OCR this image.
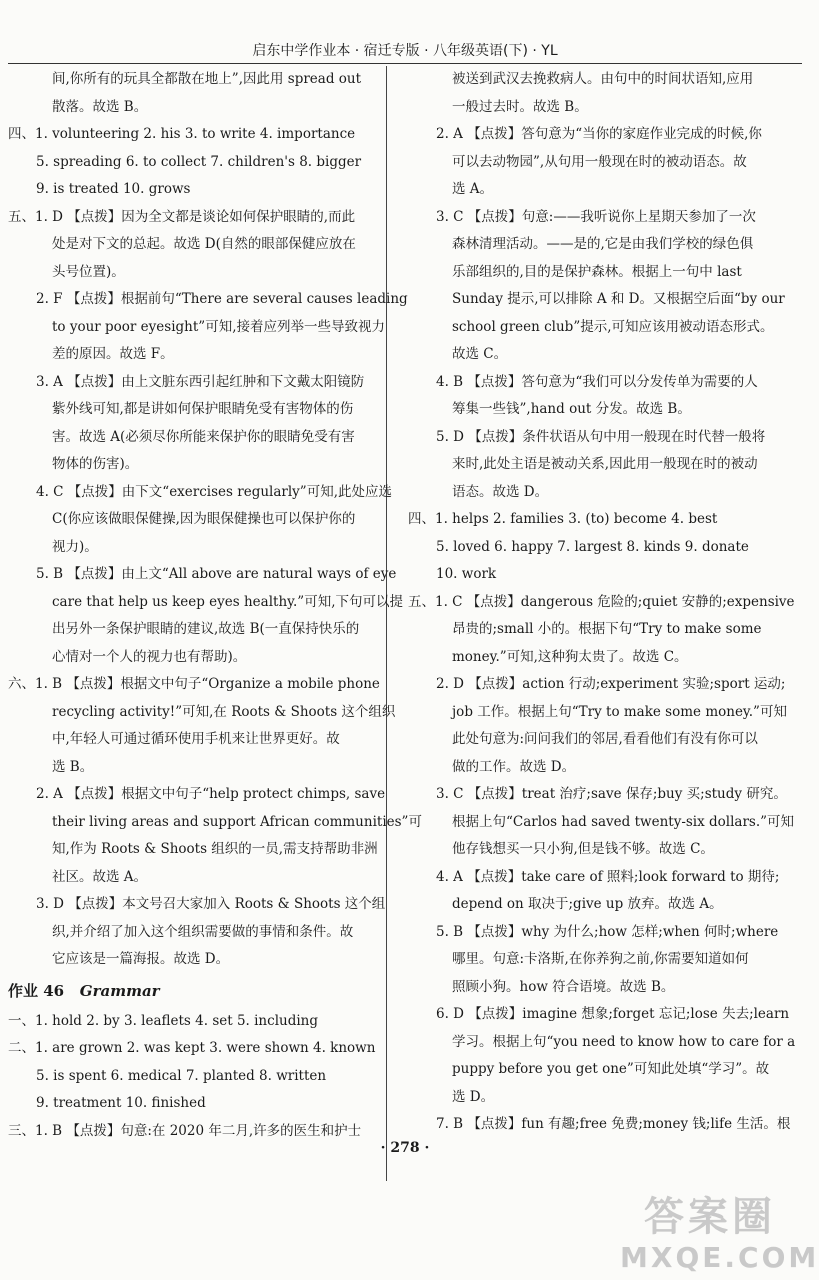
启东中学作业本 · 宿迁专版 · 八年级英语(下) · YL
间,你所有的玩具全都散在地上”,因此用 spread out
散落。故选 B。
四、1. volunteering 2. his 3. to write 4. importance
5. spreading 6. to collect 7. children's 8. bigger
9. is treated 10. grows
五、1. D 【点拨】因为全文都是谈论如何保护眼睛的,而此
处是对下文的总起。故选 D(自然的眼部保健应放在
头号位置)。
2. F 【点拨】根据前句“There are several causes leading
to your poor eyesight”可知,接着应列举一些导致视力
差的原因。故选 F。
3. A 【点拨】由上文脏东西引起红肿和下文戴太阳镜防
紫外线可知,都是讲如何保护眼睛免受有害物体的伤
害。故选 A(必须尽你所能来保护你的眼睛免受有害
物体的伤害)。
4. C 【点拨】由下文“exercises regularly”可知,此处应选
C(你应该做眼保健操,因为眼保健操也可以保护你的
视力)。
5. B 【点拨】由上文“All above are natural ways of eye
care that help us keep eyes healthy.”可知,下句可以提
出另外一条保护眼睛的建议,故选 B(一直保持快乐的
心情对一个人的视力也有帮助)。
六、1. B 【点拨】根据文中句子“Organize a mobile phone
recycling activity!”可知,在 Roots & Shoots 这个组织
中,年轻人可通过循环使用手机来让世界更好。故
选 B。
2. A 【点拨】根据文中句子“help protect chimps, save
their living areas and support African communities”可
知,作为 Roots & Shoots 组织的一员,需支持帮助非洲
社区。故选 A。
3. D 【点拨】本文号召大家加入 Roots & Shoots 这个组
织,并介绍了加入这个组织需要做的事情和条件。故
它应该是一篇海报。故选 D。
作业 46 Grammar
一、1. hold 2. by 3. leaflets 4. set 5. including
二、1. are grown 2. was kept 3. were shown 4. known
5. is spent 6. medical 7. planted 8. written
9. treatment 10. finished
三、1. B 【点拨】句意:在 2020 年二月,许多的医生和护士
被送到武汉去挽救病人。由句中的时间状语知,应用
一般过去时。故选 B。
2. A 【点拨】答句意为“当你的家庭作业完成的时候,你
可以去动物园”,从句用一般现在时的被动语态。故
选 A。
3. C 【点拨】句意:——我听说你上星期天参加了一次
森林清理活动。——是的,它是由我们学校的绿色俱
乐部组织的,目的是保护森林。根据上一句中 last
Sunday 提示,可以排除 A 和 D。又根据空后面“by our
school green club”提示,可知应该用被动语态形式。
故选 C。
4. B 【点拨】答句意为“我们可以分发传单为需要的人
筹集一些钱”,hand out 分发。故选 B。
5. D 【点拨】条件状语从句中用一般现在时代替一般将
来时,此处主语是被动关系,因此用一般现在时的被动
语态。故选 D。
四、1. helps 2. families 3. (to) become 4. best
5. loved 6. happy 7. largest 8. kinds 9. donate
10. work
五、1. C 【点拨】dangerous 危险的;quiet 安静的;expensive
昂贵的;small 小的。根据下句“Try to make some
money.”可知,这种狗太贵了。故选 C。
2. D 【点拨】action 行动;experiment 实验;sport 运动;
job 工作。根据上句“Try to make some money.”可知
此处句意为:问问我们的邻居,看看他们有没有你可以
做的工作。故选 D。
3. C 【点拨】treat 治疗;save 保存;buy 买;study 研究。
根据上句“Carlos had saved twenty-six dollars.”可知
他存钱想买一只小狗,但是钱不够。故选 C。
4. A 【点拨】take care of 照料;look forward to 期待;
depend on 取决于;give up 放弃。故选 A。
5. B 【点拨】why 为什么;how 怎样;when 何时;where
哪里。句意:卡洛斯,在你养狗之前,你需要知道如何
照顾小狗。how 符合语境。故选 B。
6. D 【点拨】imagine 想象;forget 忘记;lose 失去;learn
学习。根据上句“you need to know how to care for a
puppy before you get one”可知此处填“学习”。故
选 D。
7. B 【点拨】fun 有趣;free 免费;money 钱;life 生活。根
· 278 ·
答案圈
MXQE.COM
